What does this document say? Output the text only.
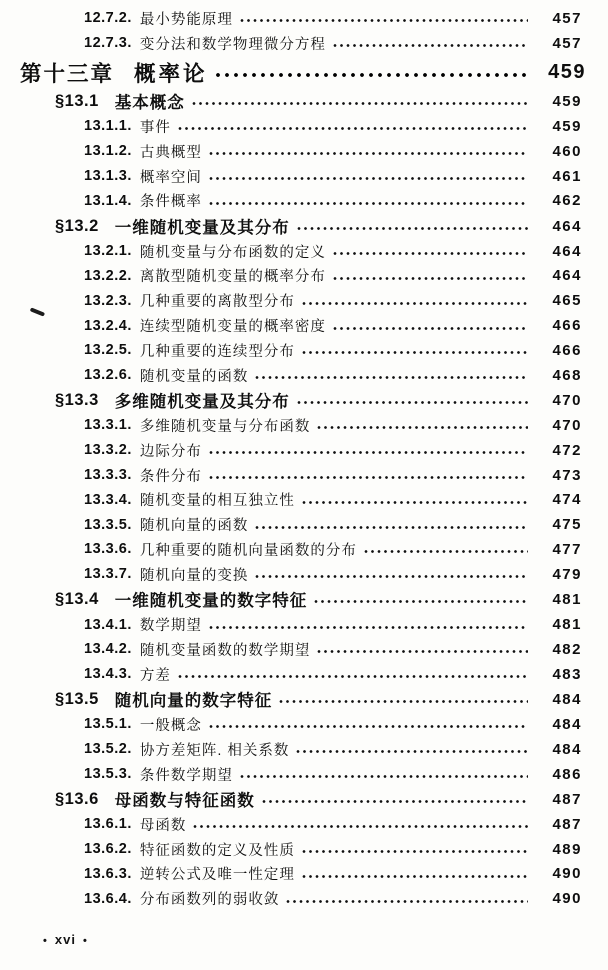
12.7.2. 最小势能原理	457
12.7.3. 变分法和数学物理微分方程	457
第十三章 概率论	459
§13.1 基本概念	459
13.1.1. 事件	459
13.1.2. 古典概型	460
13.1.3. 概率空间	461
13.1.4. 条件概率	462
§13.2 一维随机变量及其分布	464
13.2.1. 随机变量与分布函数的定义	464
13.2.2. 离散型随机变量的概率分布	464
13.2.3. 几种重要的离散型分布	465
13.2.4. 连续型随机变量的概率密度	466
13.2.5. 几种重要的连续型分布	466
13.2.6. 随机变量的函数	468
§13.3 多维随机变量及其分布	470
13.3.1. 多维随机变量与分布函数	470
13.3.2. 边际分布	472
13.3.3. 条件分布	473
13.3.4. 随机变量的相互独立性	474
13.3.5. 随机向量的函数	475
13.3.6. 几种重要的随机向量函数的分布	477
13.3.7. 随机向量的变换	479
§13.4 一维随机变量的数字特征	481
13.4.1. 数学期望	481
13.4.2. 随机变量函数的数学期望	482
13.4.3. 方差	483
§13.5 随机向量的数字特征	484
13.5.1. 一般概念	484
13.5.2. 协方差矩阵. 相关系数	484
13.5.3. 条件数学期望	486
§13.6 母函数与特征函数	487
13.6.1. 母函数	487
13.6.2. 特征函数的定义及性质	489
13.6.3. 逆转公式及唯一性定理	490
13.6.4. 分布函数列的弱收敛	490
• xvi •
